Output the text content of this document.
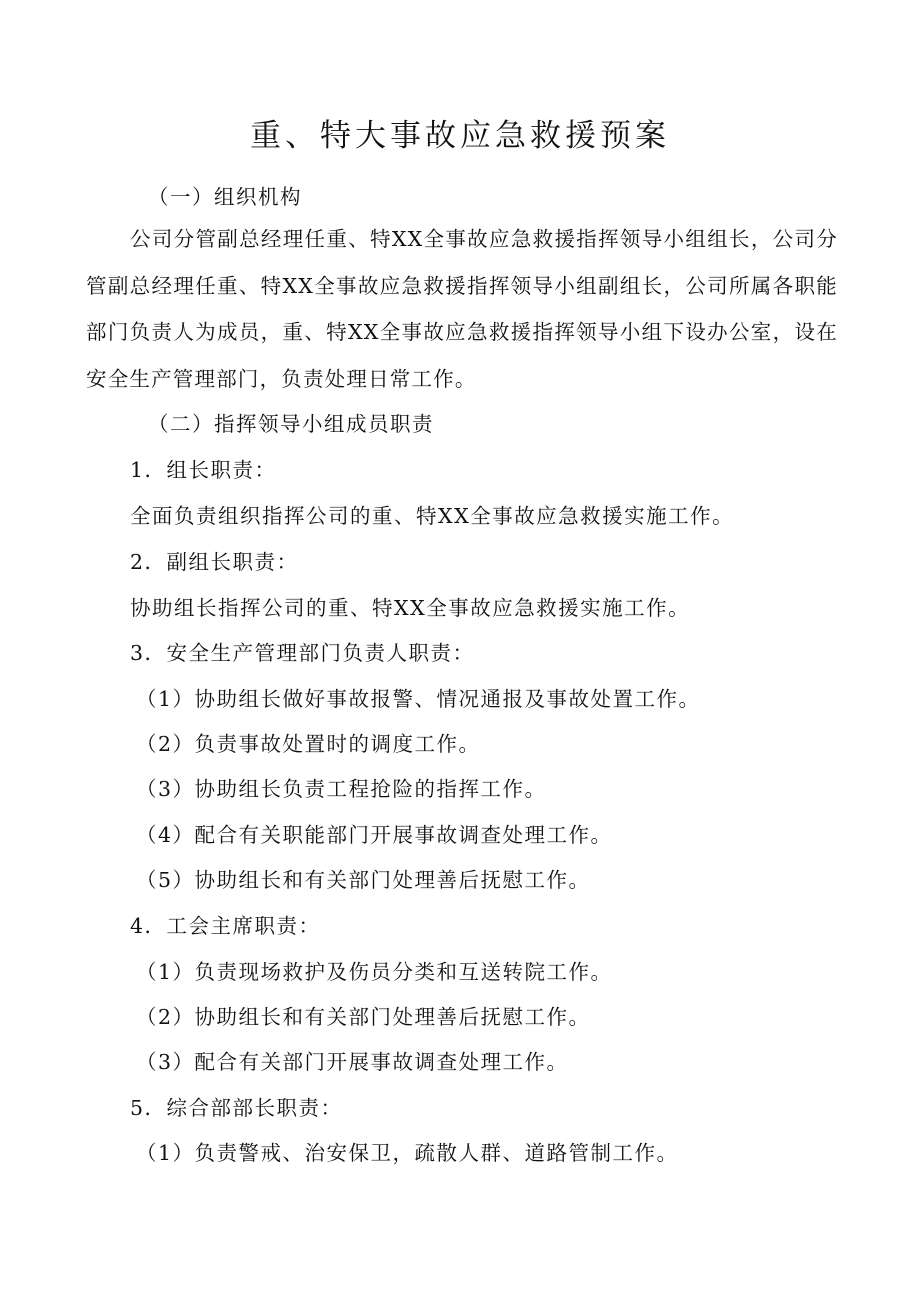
重、特大事故应急救援预案

（一）组织机构

公司分管副总经理任重、特XX全事故应急救援指挥领导小组组长，公司分管副总经理任重、特XX全事故应急救援指挥领导小组副组长，公司所属各职能部门负责人为成员，重、特XX全事故应急救援指挥领导小组下设办公室，设在安全生产管理部门，负责处理日常工作。

（二）指挥领导小组成员职责

1．组长职责：

全面负责组织指挥公司的重、特XX全事故应急救援实施工作。

2．副组长职责：

协助组长指挥公司的重、特XX全事故应急救援实施工作。

3．安全生产管理部门负责人职责：

（1）协助组长做好事故报警、情况通报及事故处置工作。

（2）负责事故处置时的调度工作。

（3）协助组长负责工程抢险的指挥工作。

（4）配合有关职能部门开展事故调查处理工作。

（5）协助组长和有关部门处理善后抚慰工作。

4．工会主席职责：

（1）负责现场救护及伤员分类和互送转院工作。

（2）协助组长和有关部门处理善后抚慰工作。

（3）配合有关部门开展事故调查处理工作。

5．综合部部长职责：

（1）负责警戒、治安保卫，疏散人群、道路管制工作。
